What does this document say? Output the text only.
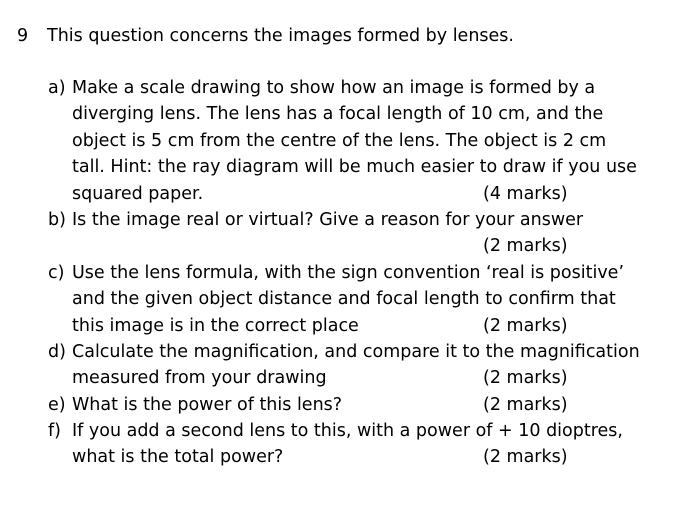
9 This question concerns the images formed by lenses.
a) Make a scale drawing to show how an image is formed by a
diverging lens. The lens has a focal length of 10 cm, and the
object is 5 cm from the centre of the lens. The object is 2 cm
tall. Hint: the ray diagram will be much easier to draw if you use
squared paper.	(4 marks)
b) Is the image real or virtual? Give a reason for your answer
(2 marks)
c) Use the lens formula, with the sign convention ‘real is positive’
and the given object distance and focal length to confirm that
this image is in the correct place	(2 marks)
d) Calculate the magnification, and compare it to the magnification
measured from your drawing	(2 marks)
e) What is the power of this lens?	(2 marks)
f) If you add a second lens to this, with a power of + 10 dioptres,
what is the total power?	(2 marks)
